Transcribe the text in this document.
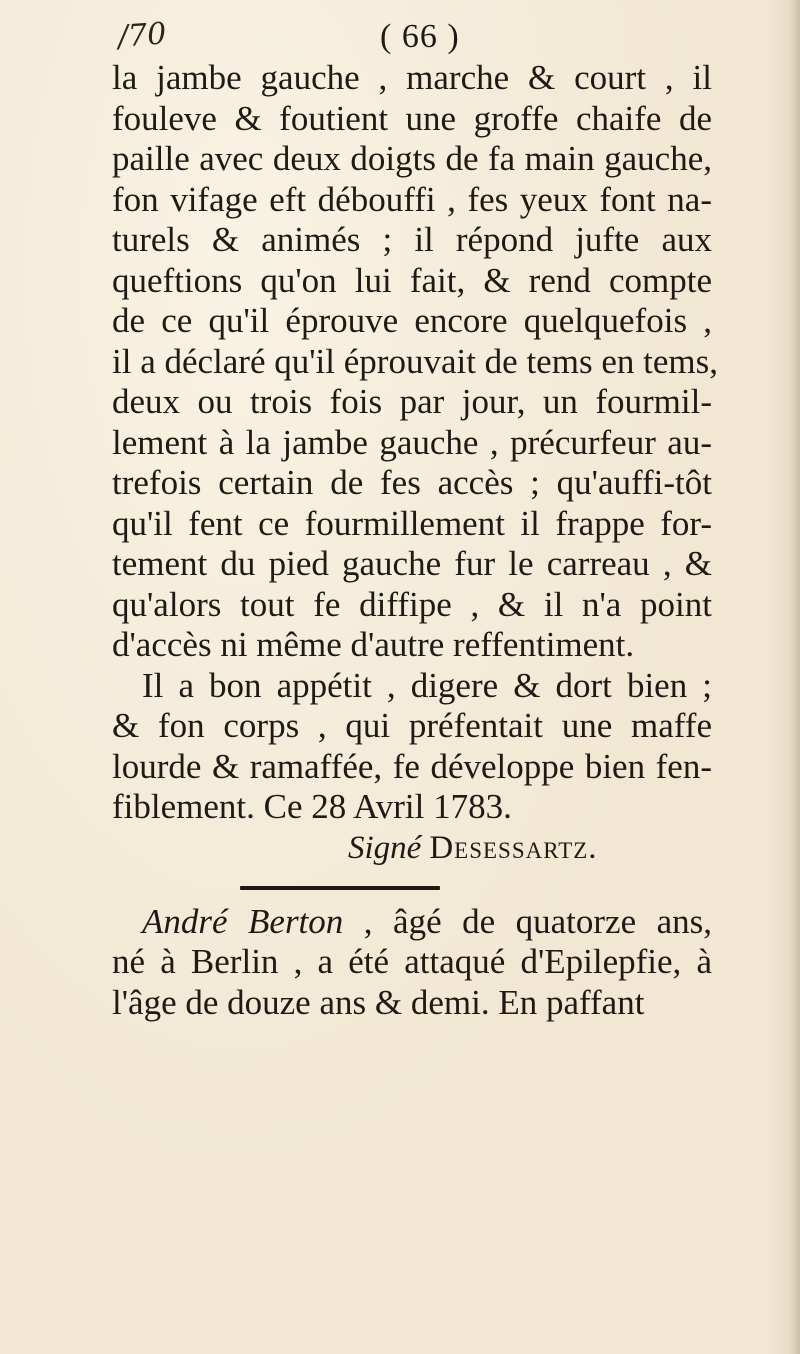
/70	( 66 )
la jambe gauche , marche & court , il
fouleve & foutient une groffe chaife de
paille avec deux doigts de fa main gauche,
fon vifage eft débouffi , fes yeux font na-
turels & animés ; il répond jufte aux
queftions qu'on lui fait, & rend compte
de ce qu'il éprouve encore quelquefois ,
il a déclaré qu'il éprouvait de tems en tems,
deux ou trois fois par jour, un fourmil-
lement à la jambe gauche , précurfeur au-
trefois certain de fes accès ; qu'auffi-tôt
qu'il fent ce fourmillement il frappe for-
tement du pied gauche fur le carreau , &
qu'alors tout fe diffipe , & il n'a point
d'accès ni même d'autre reffentiment.
Il a bon appétit , digere & dort bien ;
& fon corps , qui préfentait une maffe
lourde & ramaffée, fe développe bien fen-
fiblement. Ce 28 Avril 1783.
Signé Desessartz.
André Berton , âgé de quatorze ans,
né à Berlin , a été attaqué d'Epilepfie, à
l'âge de douze ans & demi. En paffant
